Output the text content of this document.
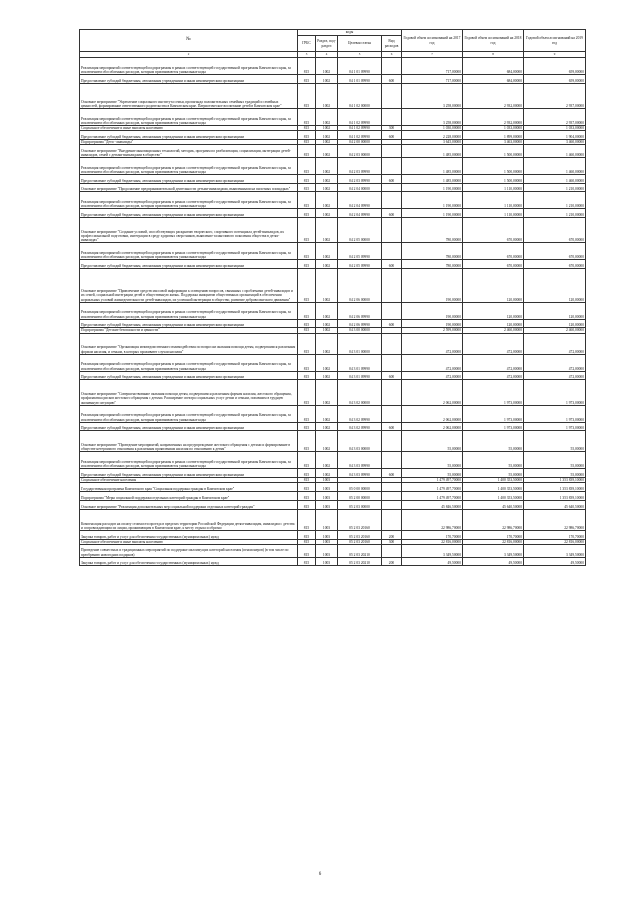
№	коды				Годовой объем ассигнований на 2017 год	Годовой объем ассигнований на 2018 год	Годовой объем ассигнований на 2019 год
	ГРБС	Раздел, под-раздел	Целевая статья	Вид расходов			
2	3	4	5	6	7	8	9
Реализация мероприятий соответствующей подпрограммы в рамках соответствующей государственной программы Камчатского края, за исключением обособленных расходов, которым присваиваются уникальные коды	815	1002	04 1 01 09990		717,00000	684,00000	659,00000
Предоставление субсидий бюджетным, автономным учреждениям и иным некоммерческим организациям	815	1002	04 1 01 09990	600	717,00000	684,00000	659,00000
Основное мероприятие "Укрепление социального института семьи, пропаганда положительных семейных традиций и семейных ценностей, формирование ответственного родительства в Камчатском крае. Патриотическое воспитание детей в Камчатском крае"	815	1002	04 1 02 00000		3 258,00000	2 932,00000	2 937,00000
Реализация мероприятий соответствующей подпрограммы в рамках соответствующей государственной программы Камчатского края, за исключением обособленных расходов, которым присваиваются уникальные коды	815	1002	04 1 02 09990		3 258,00000	2 932,00000	2 937,00000
Социальное обеспечение и иные выплаты населению	815	1002	04 1 02 09990	300	1 030,00000	1 033,00000	1 033,00000
Предоставление субсидий бюджетным, автономным учреждениям и иным некоммерческим организациям	815	1002	04 1 02 09990	600	2 228,00000	1 899,00000	1 904,00000
Подпрограмма "Дети - инвалиды"	815	1002	04 2 00 00000		3 645,00000	3 463,00000	3 460,00000
Основное мероприятие "Внедрение инновационных технологий, методик, программ по реабилитации, социализации, интеграции детей-инвалидов, семей с детьми-инвалидами в общество"	815	1002	04 2 03 00000		1 485,00000	1 500,00000	1 460,00000
Реализация мероприятий соответствующей подпрограммы в рамках соответствующей государственной программы Камчатского края, за исключением обособленных расходов, которым присваиваются уникальные коды	815	1002	04 2 03 09990		1 485,00000	1 500,00000	1 460,00000
Предоставление субсидий бюджетным, автономным учреждениям и иным некоммерческим организациям	815	1002	04 2 03 09990	600	1 485,00000	1 500,00000	1 460,00000
Основное мероприятие "Продолжение предпринимательской деятельности детьми-инвалидами, выявленными на пилотных площадках"	815	1002	04 2 04 00000		1 190,00000	1 110,00000	1 210,00000
Реализация мероприятий соответствующей подпрограммы в рамках соответствующей государственной программы Камчатского края, за исключением обособленных расходов, которым присваиваются уникальные коды	815	1002	04 2 04 09990		1 190,00000	1 110,00000	1 210,00000
Предоставление субсидий бюджетным, автономным учреждениям и иным некоммерческим организациям	815	1002	04 2 04 09990	600	1 190,00000	1 110,00000	1 210,00000
Основное мероприятие "Создание условий, способствующих раскрытию творческого, спортивного потенциала детей-инвалидов, их профессиональной подготовки, интеграции в среду здоровых сверстников, выявление талантливого поколения общества в детях-инвалидах"	815	1002	04 2 05 00000		780,00000	670,00000	670,00000
Реализация мероприятий соответствующей подпрограммы в рамках соответствующей государственной программы Камчатского края, за исключением обособленных расходов, которым присваиваются уникальные коды	815	1002	04 2 05 09990		780,00000	670,00000	670,00000
Предоставление субсидий бюджетным, автономным учреждениям и иным некоммерческим организациям	815	1002	04 2 05 09990	600	780,00000	670,00000	670,00000
Основное мероприятие "Привлечение средств массовой информации к освещению вопросов, связанных с проблемами детей-инвалидов и их семей, социальной интеграции детей в общественную жизнь. Поддержка инициатив общественных организаций в обеспечении нормальных условий жизнедеятельности детей-инвалидов, их успешной интеграции в общество, развитие добровольческого движения"	815	1002	04 2 06 00000		190,00000	120,00000	120,00000
Реализация мероприятий соответствующей подпрограммы в рамках соответствующей государственной программы Камчатского края, за исключением обособленных расходов, которым присваиваются уникальные коды	815	1002	04 2 06 09990		190,00000	120,00000	120,00000
Предоставление субсидий бюджетным, автономным учреждениям и иным некоммерческим организациям	815	1002	04 2 06 09990	600	190,00000	120,00000	120,00000
Подпрограмма "Детские безопасности и ценности"	815	1002	04 3 00 00000		2 599,00000	2 460,00000	2 460,00000
Основное мероприятие "Организация межведомственного взаимодействия по вопросам оказания помощи детям, подвергшимся различным формам насилия, и семьям, в которых проживают случаи насилия"	815	1002	04 3 01 00000		472,00000	472,00000	472,00000
Реализация мероприятий соответствующей подпрограммы в рамках соответствующей государственной программы Камчатского края, за исключением обособленных расходов, которым присваиваются уникальные коды	815	1002	04 3 01 09990		472,00000	472,00000	472,00000
Предоставление субсидий бюджетным, автономным учреждениям и иным некоммерческим организациям	815	1002	04 3 01 09990	600	472,00000	472,00000	472,00000
Основное мероприятие "Совершенствование оказания помощи детям, подвергшимся различным формам насилия, жестокого обращения, профилактика рисков жестокого обращения с детьми. Расширение спектра социальных услуг детям и семьям, попавшим в трудную жизненную ситуацию"	815	1002	04 3 02 00000		2 062,00000	1 973,00000	1 973,00000
Реализация мероприятий соответствующей подпрограммы в рамках соответствующей государственной программы Камчатского края, за исключением обособленных расходов, которым присваиваются уникальные коды	815	1002	04 3 02 09990		2 062,00000	1 973,00000	1 973,00000
Предоставление субсидий бюджетным, автономным учреждениям и иным некоммерческим организациям	815	1002	04 3 02 09990	600	2 062,00000	1 973,00000	1 973,00000
Основное мероприятие "Проведение мероприятий, направленных на предупреждение жестокого обращения с детьми и формирование в обществе нетерпимого отношения к различным проявлениям насилия по отношению к детям"	815	1002	04 3 03 00000		55,00000	55,00000	55,00000
Реализация мероприятий соответствующей подпрограммы в рамках соответствующей государственной программы Камчатского края, за исключением обособленных расходов, которым присваиваются уникальные коды	815	1002	04 3 03 09990		55,00000	55,00000	55,00000
Предоставление субсидий бюджетным, автономным учреждениям и иным некоммерческим организациям	815	1002	04 3 03 09990	600	55,00000	55,00000	55,00000
Социальное обеспечение населения	815	1003			1 479 497,70000	1 400 353,50000	1 353 839,10000
Государственная программа Камчатского края "Социальная поддержка граждан в Камчатском крае"	815	1003	05 0 00 00000		1 479 497,70000	1 400 353,50000	1 353 839,10000
Подпрограмма "Меры социальной поддержки отдельных категорий граждан в Камчатском крае"	815	1003	05 2 00 00000		1 479 497,70000	1 400 353,50000	1 353 839,10000
Основное мероприятие "Реализация дополнительных мер социальной поддержки отдельных категорий граждан"	815	1003	05 2 03 00000		45 846,50000	45 640,50000	45 640,50000
Компенсация расходов на оплату стоимости проезда в пределах территории Российской Федерации детям-инвалидам, инвалидам с детства и сопровождающим их лицам, проживающим в Камчатском крае, к месту отдыха и обратно	815	1003	05 2 03 20160		22 986,70000	22 986,70000	22 986,70000
Закупка товаров, работ и услуг для обеспечения государственных (муниципальных) нужд	815	1003	05 2 03 20160	200	170,70000	170,70000	170,70000
Социальное обеспечение и иные выплаты населению	815	1003	05 2 03 20160	300	22 816,00000	22 816,00000	22 816,00000
Проведение совместных и традиционных мероприятий по поддержке малоимущих категорий населения (пенсионеров) (в том числе по преобрению новогодних подарков)	815	1003	05 2 03 20210		3 349,50000	3 349,50000	3 349,50000
Закупка товаров, работ и услуг для обеспечения государственных (муниципальных) нужд	815	1003	05 2 03 20210	200	49,50000	49,50000	49,50000
6
